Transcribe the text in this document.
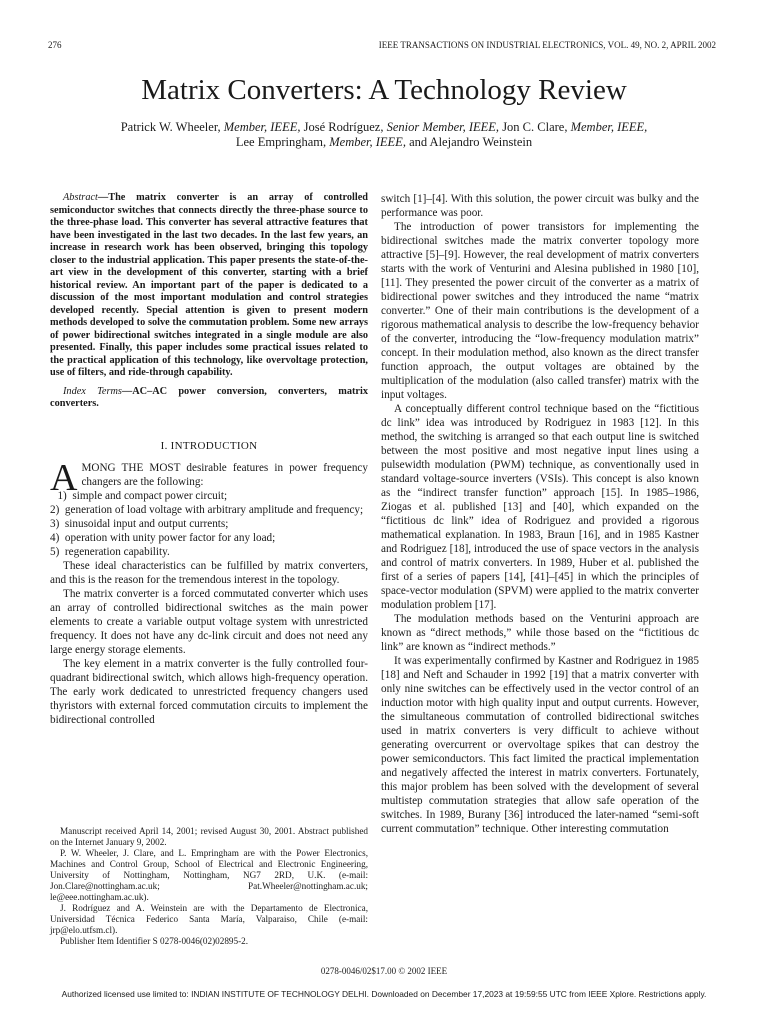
276	IEEE TRANSACTIONS ON INDUSTRIAL ELECTRONICS, VOL. 49, NO. 2, APRIL 2002
Matrix Converters: A Technology Review
Patrick W. Wheeler, Member, IEEE, José Rodríguez, Senior Member, IEEE, Jon C. Clare, Member, IEEE,
Lee Empringham, Member, IEEE, and Alejandro Weinstein

Abstract—The matrix converter is an array of controlled semiconductor switches that connects directly the three-phase source to the three-phase load. This converter has several attractive features that have been investigated in the last two decades. In the last few years, an increase in research work has been observed, bringing this topology closer to the industrial application. This paper presents the state-of-the-art view in the development of this converter, starting with a brief historical review. An important part of the paper is dedicated to a discussion of the most important modulation and control strategies developed recently. Special attention is given to present modern methods developed to solve the commutation problem. Some new arrays of power bidirectional switches integrated in a single module are also presented. Finally, this paper includes some practical issues related to the practical application of this technology, like overvoltage protection, use of filters, and ride-through capability.

Index Terms—AC–AC power conversion, converters, matrix converters.

I. INTRODUCTION

AMONG THE MOST desirable features in power frequency changers are the following:

1)  simple and compact power circuit;
2)  generation of load voltage with arbitrary amplitude and frequency;
3)  sinusoidal input and output currents;
4)  operation with unity power factor for any load;
5)  regeneration capability.

These ideal characteristics can be fulfilled by matrix converters, and this is the reason for the tremendous interest in the topology.

The matrix converter is a forced commutated converter which uses an array of controlled bidirectional switches as the main power elements to create a variable output voltage system with unrestricted frequency. It does not have any dc-link circuit and does not need any large energy storage elements.

The key element in a matrix converter is the fully controlled four-quadrant bidirectional switch, which allows high-frequency operation. The early work dedicated to unrestricted frequency changers used thyristors with external forced commutation circuits to implement the bidirectional controlled

Manuscript received April 14, 2001; revised August 30, 2001. Abstract published on the Internet January 9, 2002.

P. W. Wheeler, J. Clare, and L. Empringham are with the Power Electronics, Machines and Control Group, School of Electrical and Electronic Engineering, University of Nottingham, Nottingham, NG7 2RD, U.K. (e-mail: Jon.Clare@nottingham.ac.uk; Pat.Wheeler@nottingham.ac.uk; le@eee.nottingham.ac.uk).

J. Rodríguez and A. Weinstein are with the Departamento de Electronica, Universidad Técnica Federico Santa María, Valparaiso, Chile (e-mail: jrp@elo.utfsm.cl).

Publisher Item Identifier S 0278-0046(02)02895-2.

switch [1]–[4]. With this solution, the power circuit was bulky and the performance was poor.

The introduction of power transistors for implementing the bidirectional switches made the matrix converter topology more attractive [5]–[9]. However, the real development of matrix converters starts with the work of Venturini and Alesina published in 1980 [10], [11]. They presented the power circuit of the converter as a matrix of bidirectional power switches and they introduced the name “matrix converter.” One of their main contributions is the development of a rigorous mathematical analysis to describe the low-frequency behavior of the converter, introducing the “low-frequency modulation matrix” concept. In their modulation method, also known as the direct transfer function approach, the output voltages are obtained by the multiplication of the modulation (also called transfer) matrix with the input voltages.

A conceptually different control technique based on the “fictitious dc link” idea was introduced by Rodriguez in 1983 [12]. In this method, the switching is arranged so that each output line is switched between the most positive and most negative input lines using a pulsewidth modulation (PWM) technique, as conventionally used in standard voltage-source inverters (VSIs). This concept is also known as the “indirect transfer function” approach [15]. In 1985–1986, Ziogas et al. published [13] and [40], which expanded on the “fictitious dc link” idea of Rodriguez and provided a rigorous mathematical explanation. In 1983, Braun [16], and in 1985 Kastner and Rodriguez [18], introduced the use of space vectors in the analysis and control of matrix converters. In 1989, Huber et al. published the first of a series of papers [14], [41]–[45] in which the principles of space-vector modulation (SPVM) were applied to the matrix converter modulation problem [17].

The modulation methods based on the Venturini approach are known as “direct methods,” while those based on the “fictitious dc link” are known as “indirect methods.”

It was experimentally confirmed by Kastner and Rodriguez in 1985 [18] and Neft and Schauder in 1992 [19] that a matrix converter with only nine switches can be effectively used in the vector control of an induction motor with high quality input and output currents. However, the simultaneous commutation of controlled bidirectional switches used in matrix converters is very difficult to achieve without generating overcurrent or overvoltage spikes that can destroy the power semiconductors. This fact limited the practical implementation and negatively affected the interest in matrix converters. Fortunately, this major problem has been solved with the development of several multistep commutation strategies that allow safe operation of the switches. In 1989, Burany [36] introduced the later-named “semi-soft current commutation” technique. Other interesting commutation

0278-0046/02$17.00 © 2002 IEEE
Authorized licensed use limited to: INDIAN INSTITUTE OF TECHNOLOGY DELHI. Downloaded on December 17,2023 at 19:59:55 UTC from IEEE Xplore. Restrictions apply.
